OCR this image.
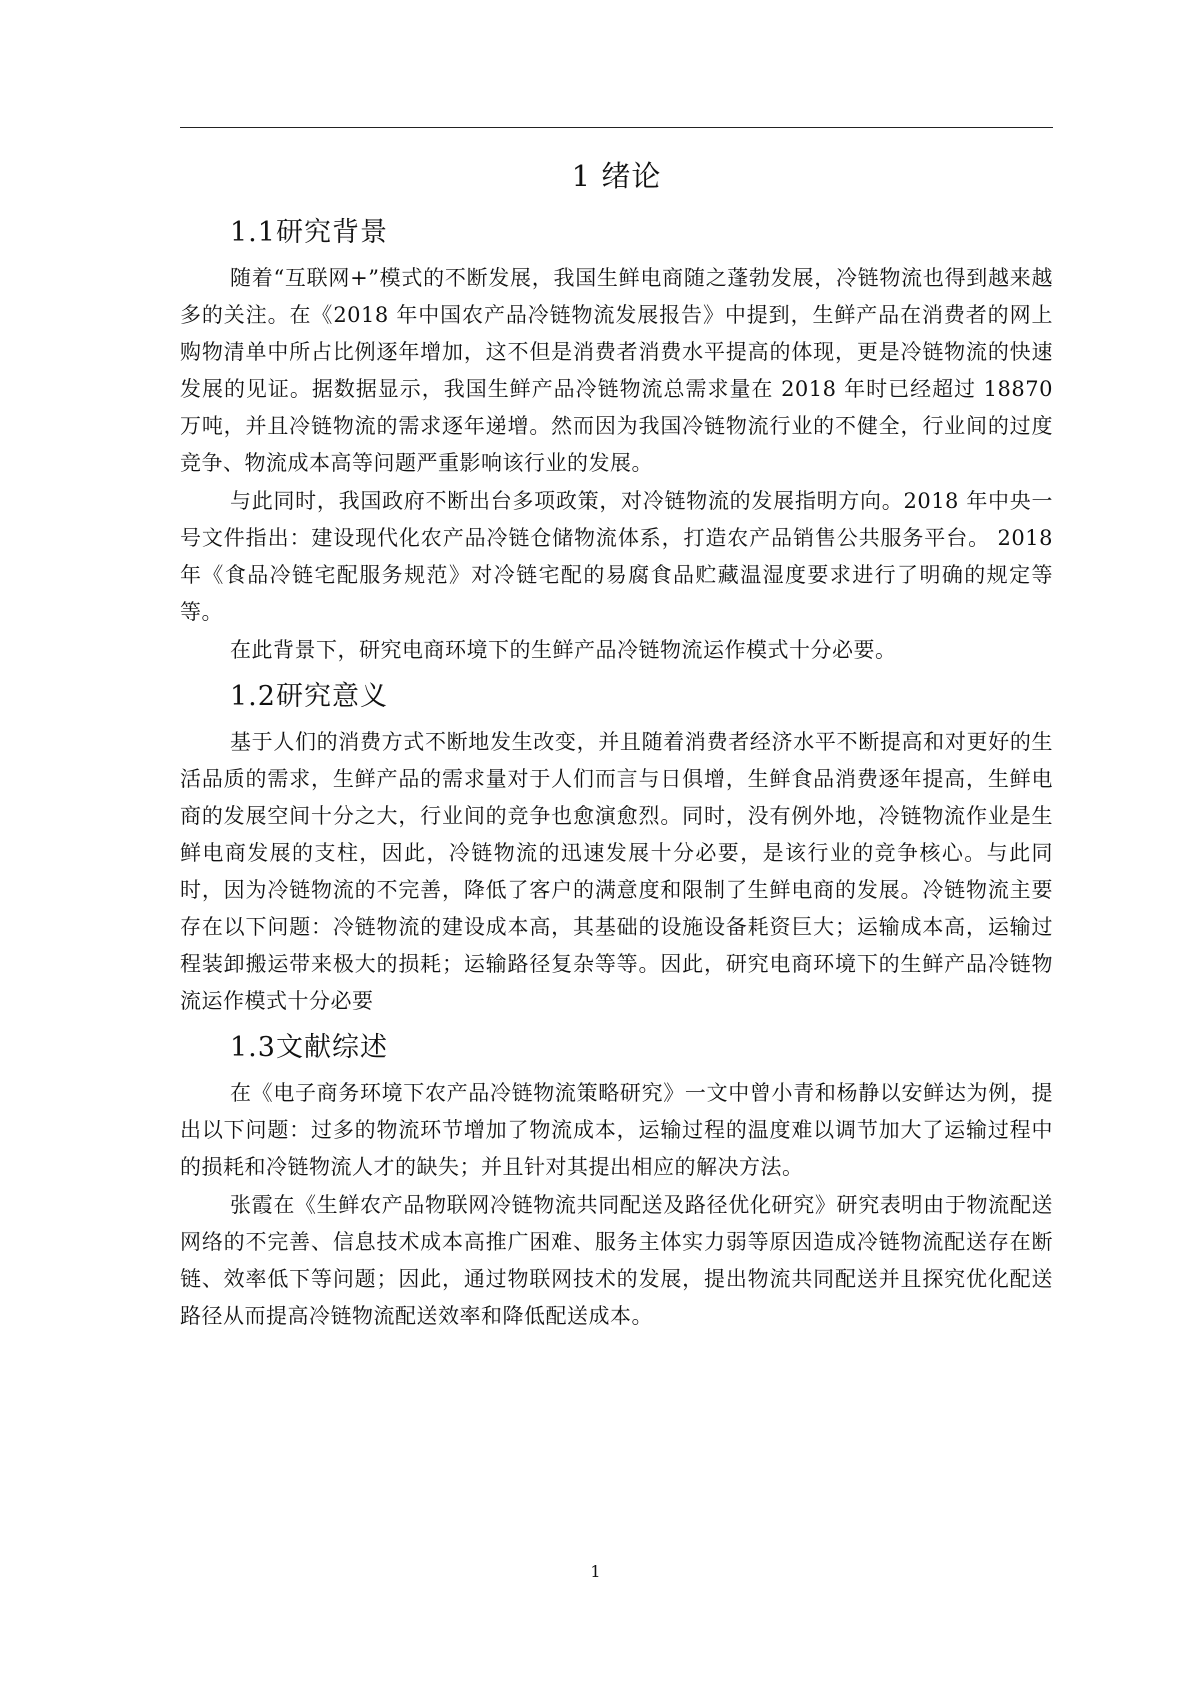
1 绪论
1.1研究背景

随着“互联网+”模式的不断发展，我国生鲜电商随之蓬勃发展，冷链物流也得到越来越多的关注。在《2018 年中国农产品冷链物流发展报告》中提到，生鲜产品在消费者的网上购物清单中所占比例逐年增加，这不但是消费者消费水平提高的体现，更是冷链物流的快速发展的见证。据数据显示，我国生鲜产品冷链物流总需求量在 2018 年时已经超过 18870 万吨，并且冷链物流的需求逐年递增。然而因为我国冷链物流行业的不健全，行业间的过度竞争、物流成本高等问题严重影响该行业的发展。

与此同时，我国政府不断出台多项政策，对冷链物流的发展指明方向。2018 年中央一号文件指出：建设现代化农产品冷链仓储物流体系，打造农产品销售公共服务平台。 2018 年《食品冷链宅配服务规范》对冷链宅配的易腐食品贮藏温湿度要求进行了明确的规定等等。

在此背景下，研究电商环境下的生鲜产品冷链物流运作模式十分必要。

1.2研究意义

基于人们的消费方式不断地发生改变，并且随着消费者经济水平不断提高和对更好的生活品质的需求，生鲜产品的需求量对于人们而言与日俱增，生鲜食品消费逐年提高，生鲜电商的发展空间十分之大，行业间的竞争也愈演愈烈。同时，没有例外地，冷链物流作业是生鲜电商发展的支柱，因此，冷链物流的迅速发展十分必要，是该行业的竞争核心。与此同时，因为冷链物流的不完善，降低了客户的满意度和限制了生鲜电商的发展。冷链物流主要存在以下问题：冷链物流的建设成本高，其基础的设施设备耗资巨大；运输成本高，运输过程装卸搬运带来极大的损耗；运输路径复杂等等。因此，研究电商环境下的生鲜产品冷链物流运作模式十分必要

1.3文献综述

在《电子商务环境下农产品冷链物流策略研究》一文中曾小青和杨静以安鲜达为例，提出以下问题：过多的物流环节增加了物流成本，运输过程的温度难以调节加大了运输过程中的损耗和冷链物流人才的缺失；并且针对其提出相应的解决方法。

张霞在《生鲜农产品物联网冷链物流共同配送及路径优化研究》研究表明由于物流配送网络的不完善、信息技术成本高推广困难、服务主体实力弱等原因造成冷链物流配送存在断链、效率低下等问题；因此，通过物联网技术的发展，提出物流共同配送并且探究优化配送路径从而提高冷链物流配送效率和降低配送成本。

1
